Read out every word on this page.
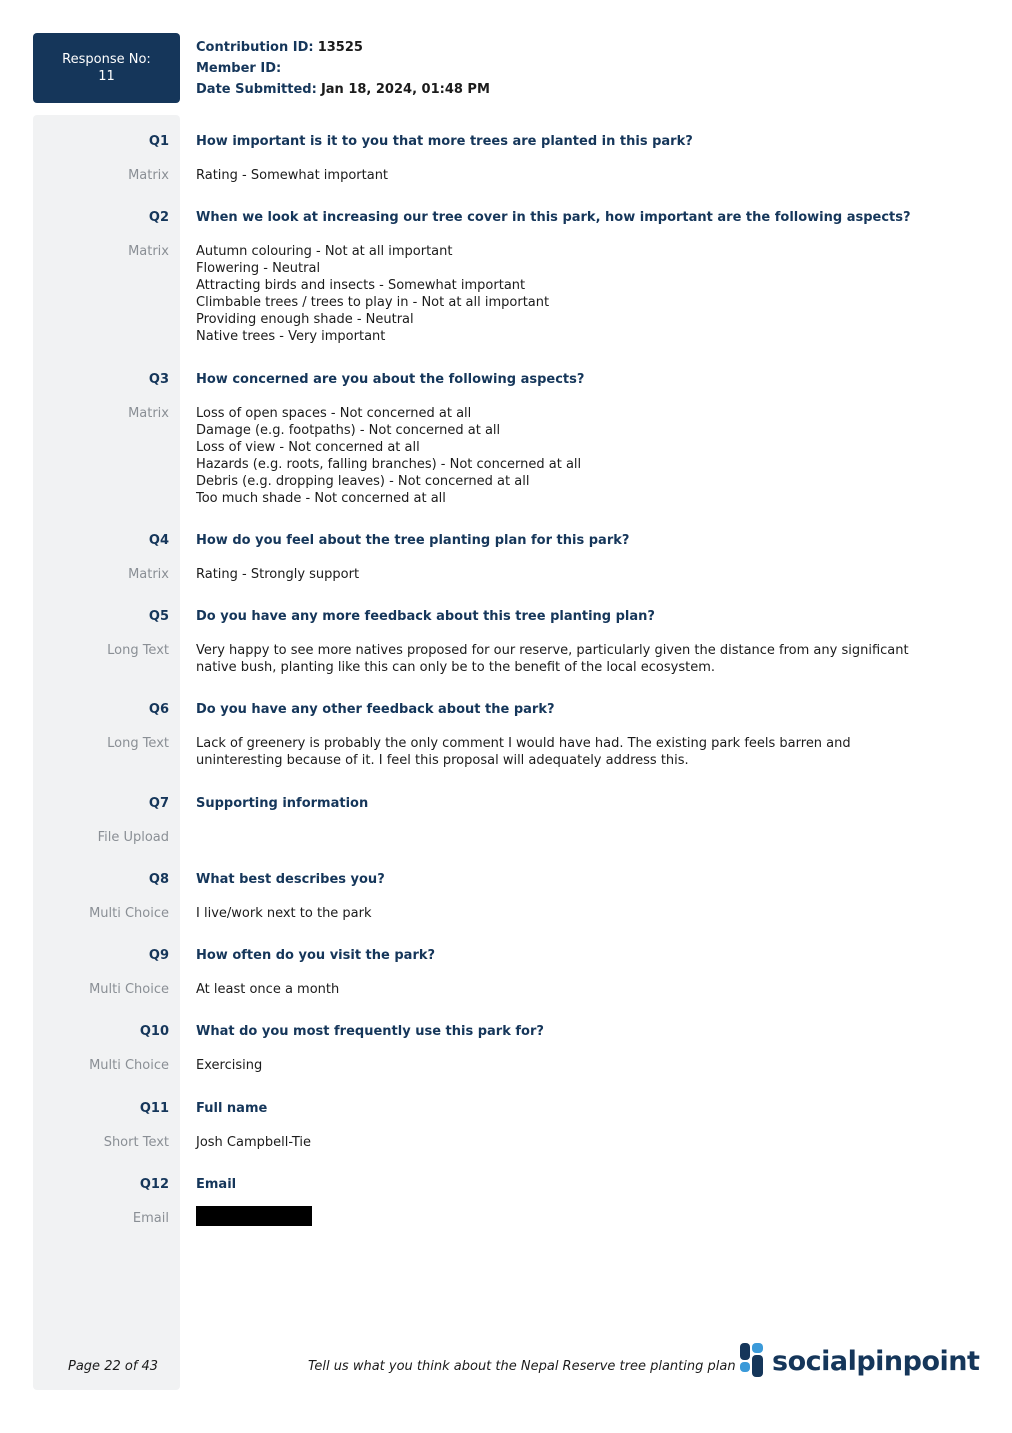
Response No:
11
Contribution ID: 13525
Member ID:
Date Submitted: Jan 18, 2024, 01:48 PM
Q1 How important is it to you that more trees are planted in this park?
Matrix Rating - Somewhat important
Q2 When we look at increasing our tree cover in this park, how important are the following aspects?
Matrix Autumn colouring - Not at all important
Flowering - Neutral
Attracting birds and insects - Somewhat important
Climbable trees / trees to play in - Not at all important
Providing enough shade - Neutral
Native trees - Very important
Q3 How concerned are you about the following aspects?
Matrix Loss of open spaces - Not concerned at all
Damage (e.g. footpaths) - Not concerned at all
Loss of view - Not concerned at all
Hazards (e.g. roots, falling branches) - Not concerned at all
Debris (e.g. dropping leaves) - Not concerned at all
Too much shade - Not concerned at all
Q4 How do you feel about the tree planting plan for this park?
Matrix Rating - Strongly support
Q5 Do you have any more feedback about this tree planting plan?
Long Text Very happy to see more natives proposed for our reserve, particularly given the distance from any significant native bush, planting like this can only be to the benefit of the local ecosystem.
Q6 Do you have any other feedback about the park?
Long Text Lack of greenery is probably the only comment I would have had. The existing park feels barren and uninteresting because of it. I feel this proposal will adequately address this.
Q7 Supporting information
File Upload
Q8 What best describes you?
Multi Choice I live/work next to the park
Q9 How often do you visit the park?
Multi Choice At least once a month
Q10 What do you most frequently use this park for?
Multi Choice Exercising
Q11 Full name
Short Text Josh Campbell-Tie
Q12 Email
Email
Page 22 of 43	Tell us what you think about the Nepal Reserve tree planting plan socialpinpoint
